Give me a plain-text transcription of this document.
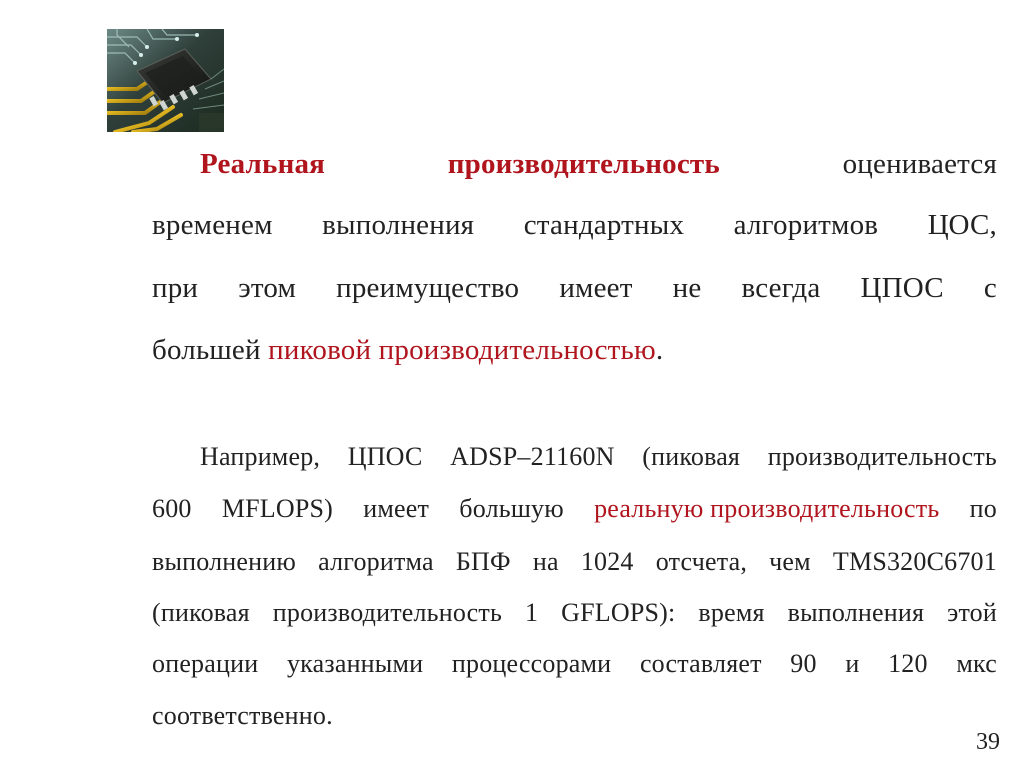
Реальная	производительность	оценивается
временем выполнения стандартных алгоритмов ЦОС,
при этом преимущество имеет не всегда ЦПОС с
большей пиковой производительностью.
Например, ЦПОС ADSP–21160N (пиковая производительность
600 MFLOPS) имеет большую реальную производительность по
выполнению алгоритма БПФ на 1024 отсчета, чем TMS320C6701
(пиковая производительность 1 GFLOPS): время выполнения этой
операции указанными процессорами составляет 90 и 120 мкс
соответственно.
39
